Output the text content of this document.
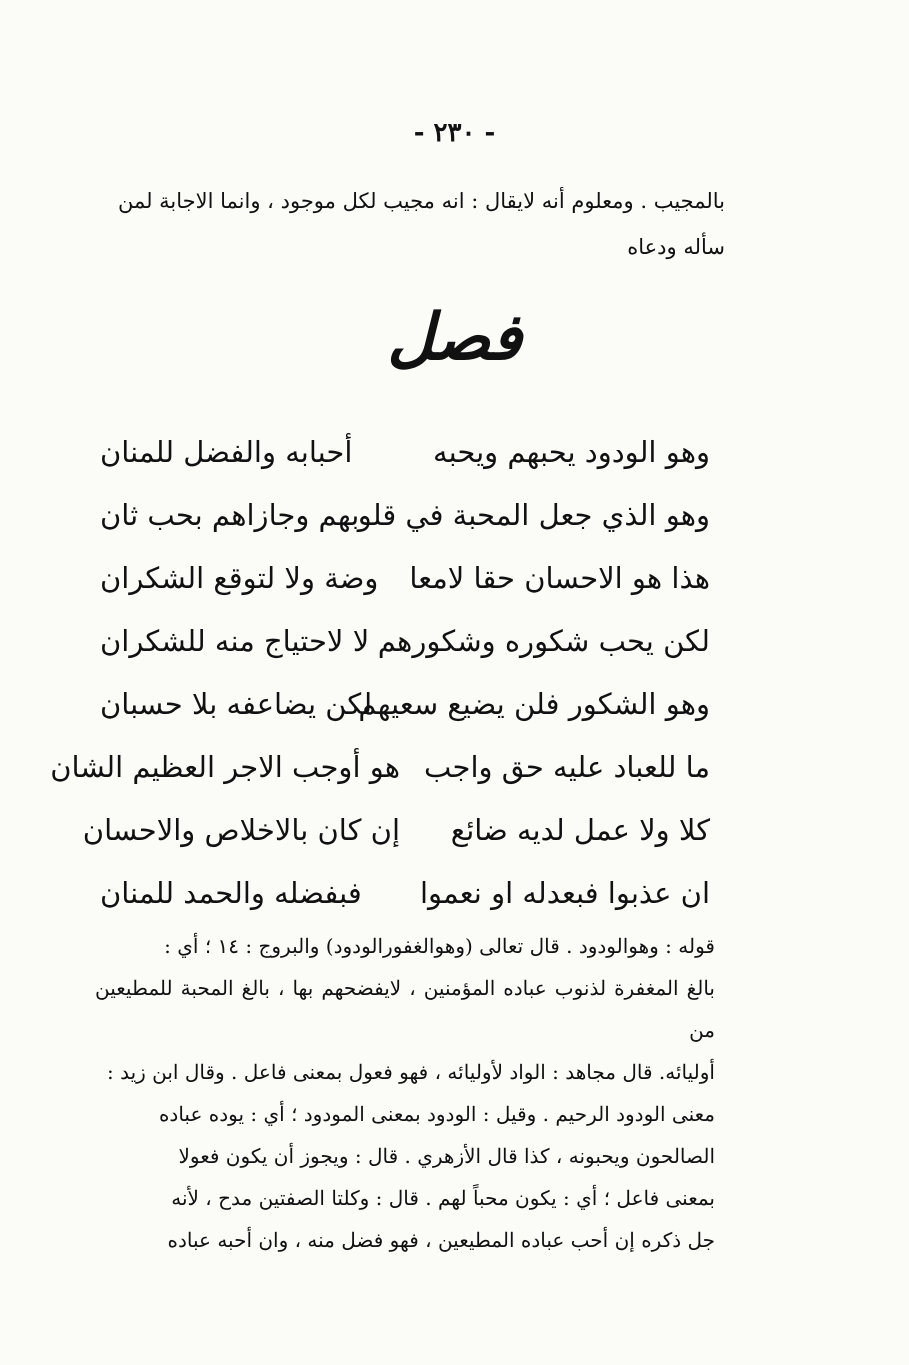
- ٢٣٠ -

بالمجيب . ومعلوم أنه لايقال : انه مجيب لكل موجود ، وانما الاجابة لمن

سأله ودعاه

فصل
وهو الودود يحبهم ويحبه
أحبابه والفضل للمنان
وهو الذي جعل المحبة في قلو
بهم وجازاهم بحب ثان
هذا هو الاحسان حقا لامعا
وضة ولا لتوقع الشكران
لكن يحب شكوره وشكورهم
لا لاحتياج منه للشكران
وهو الشكور فلن يضيع سعيهم
لكن يضاعفه بلا حسبان
ما للعباد عليه حق واجب
هو أوجب الاجر العظيم الشان
كلا ولا عمل لديه ضائع
إن كان بالاخلاص والاحسان
ان عذبوا فبعدله او نعموا
فبفضله والحمد للمنان

قوله : وهوالودود . قال تعالى (وهوالغفورالودود) والبروج : ١٤ ؛ أي :

بالغ المغفرة لذنوب عباده المؤمنين ، لايفضحهم بها ، بالغ المحبة للمطيعين من

أوليائه. قال مجاهد : الواد لأوليائه ، فهو فعول بمعنى فاعل . وقال ابن زيد :

معنى الودود الرحيم . وقيل : الودود بمعنى المودود ؛ أي : يوده عباده

الصالحون ويحبونه ، كذا قال الأزهري . قال : ويجوز أن يكون فعولا

بمعنى فاعل ؛ أي : يكون محباً لهم . قال : وكلتا الصفتين مدح ، لأنه

جل ذكره إن أحب عباده المطيعين ، فهو فضل منه ، وان أحبه عباده
